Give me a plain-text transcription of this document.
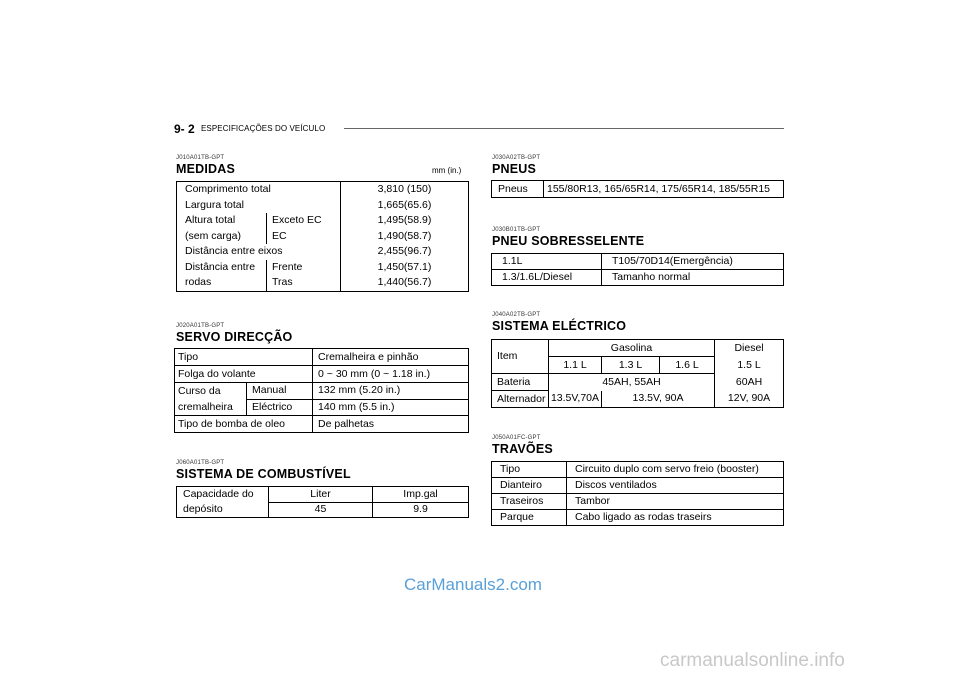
9- 2 ESPECIFICAÇÕES DO VEÍCULO
J010A01TB-GPT
MEDIDAS	mm (in.)
Comprimento total		3,810 (150)
Largura total		1,665(65.6)
Altura total	Exceto EC	1,495(58.9)
(sem carga)	EC	1,490(58.7)
Distância entre eixos		2,455(96.7)
Distância entre	Frente	1,450(57.1)
rodas	Tras	1,440(56.7)
J020A01TB-GPT
SERVO DIRECÇÃO
Tipo		Cremalheira e pinhão
Folga do volante		0 ~ 30 mm (0 ~ 1.18 in.)
Curso da	Manual	132 mm (5.20 in.)
cremalheira	Eléctrico	140 mm (5.5 in.)
Tipo de bomba de oleo		De palhetas
J060A01TB-GPT
SISTEMA DE COMBUSTÍVEL
Capacidade do	Liter	Imp.gal
depósito	45	9.9
J030A02TB-GPT
PNEUS
Pneus	155/80R13, 165/65R14, 175/65R14, 185/55R15
J030B01TB-GPT
PNEU SOBRESSELENTE
1.1L	T105/70D14(Emergência)
1.3/1.6L/Diesel	Tamanho normal
J040A02TB-GPT
SISTEMA ELÉCTRICO
Item	Gasolina			Diesel
	1.1 L	1.3 L	1.6 L	1.5 L
Bateria	45AH, 55AH			60AH
Alternador	13.5V,70A	13.5V, 90A		12V, 90A
J050A01FC-GPT
TRAVÕES
Tipo	Circuito duplo com servo freio (booster)
Dianteiro	Discos ventilados
Traseiros	Tambor
Parque	Cabo ligado as rodas traseirs
CarManuals2.com
carmanualsonline.info
